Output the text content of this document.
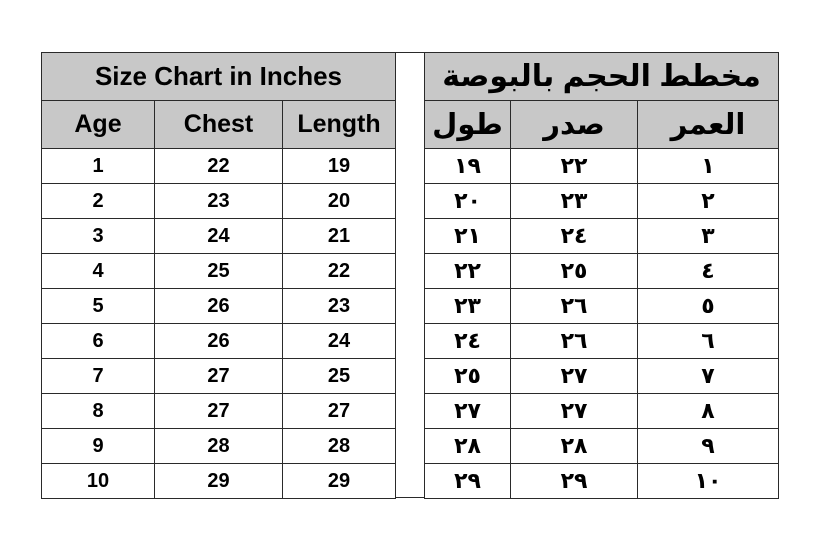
Size Chart in Inches		
Age	Chest	Length
1	22	19
2	23	20
3	24	21
4	25	22
5	26	23
6	26	24
7	27	25
8	27	27
9	28	28
10	29	29
مخطط الحجم بالبوصة		
العمر	صدر	طول
١	٢٢	١٩
٢	٢٣	٢٠
٣	٢٤	٢١
٤	٢٥	٢٢
٥	٢٦	٢٣
٦	٢٦	٢٤
٧	٢٧	٢٥
٨	٢٧	٢٧
٩	٢٨	٢٨
١٠	٢٩	٢٩
